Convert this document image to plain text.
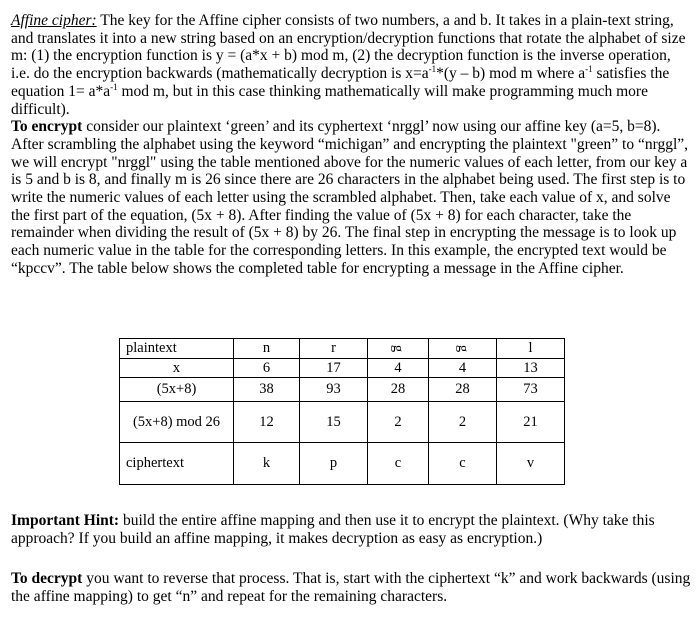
Affine cipher: The key for the Affine cipher consists of two numbers, a and b. It takes in a plain-text string, and translates it into a new string based on an encryption/decryption functions that rotate the alphabet of size m: (1) the encryption function is y = (a*x + b) mod m, (2) the decryption function is the inverse operation, i.e. do the encryption backwards (mathematically decryption is $x=a^{-1}*(y - b)$ mod m where $a^{-1}$ satisfies the equation $1= a*a^{-1}$ mod m, but in this case thinking mathematically will make programming much more difficult).
To encrypt consider our plaintext ‘green’ and its cyphertext ‘nrggl’ now using our affine key (a=5, b=8). After scrambling the alphabet using the keyword “michigan” and encrypting the plaintext "green” to “nrggl”, we will encrypt "nrggl" using the table mentioned above for the numeric values of each letter, from our key a is 5 and b is 8, and finally m is 26 since there are 26 characters in the alphabet being used. The first step is to write the numeric values of each letter using the scrambled alphabet. Then, take each value of x, and solve the first part of the equation, (5x + 8). After finding the value of (5x + 8) for each character, take the remainder when dividing the result of (5x + 8) by 26. The final step in encrypting the message is to look up each numeric value in the table for the corresponding letters. In this example, the encrypted text would be “kpccv”. The table below shows the completed table for encrypting a message in the Affine cipher.
plaintext	n	r	g	g	l
x	6	17	4	4	13
(5x+8)	38	93	28	28	73
(5x+8) mod 26	12	15	2	2	21
ciphertext	k	p	c	c	v
Important Hint: build the entire affine mapping and then use it to encrypt the plaintext. (Why take this approach? If you build an affine mapping, it makes decryption as easy as encryption.)
To decrypt you want to reverse that process. That is, start with the ciphertext “k” and work backwards (using the affine mapping) to get “n” and repeat for the remaining characters.
